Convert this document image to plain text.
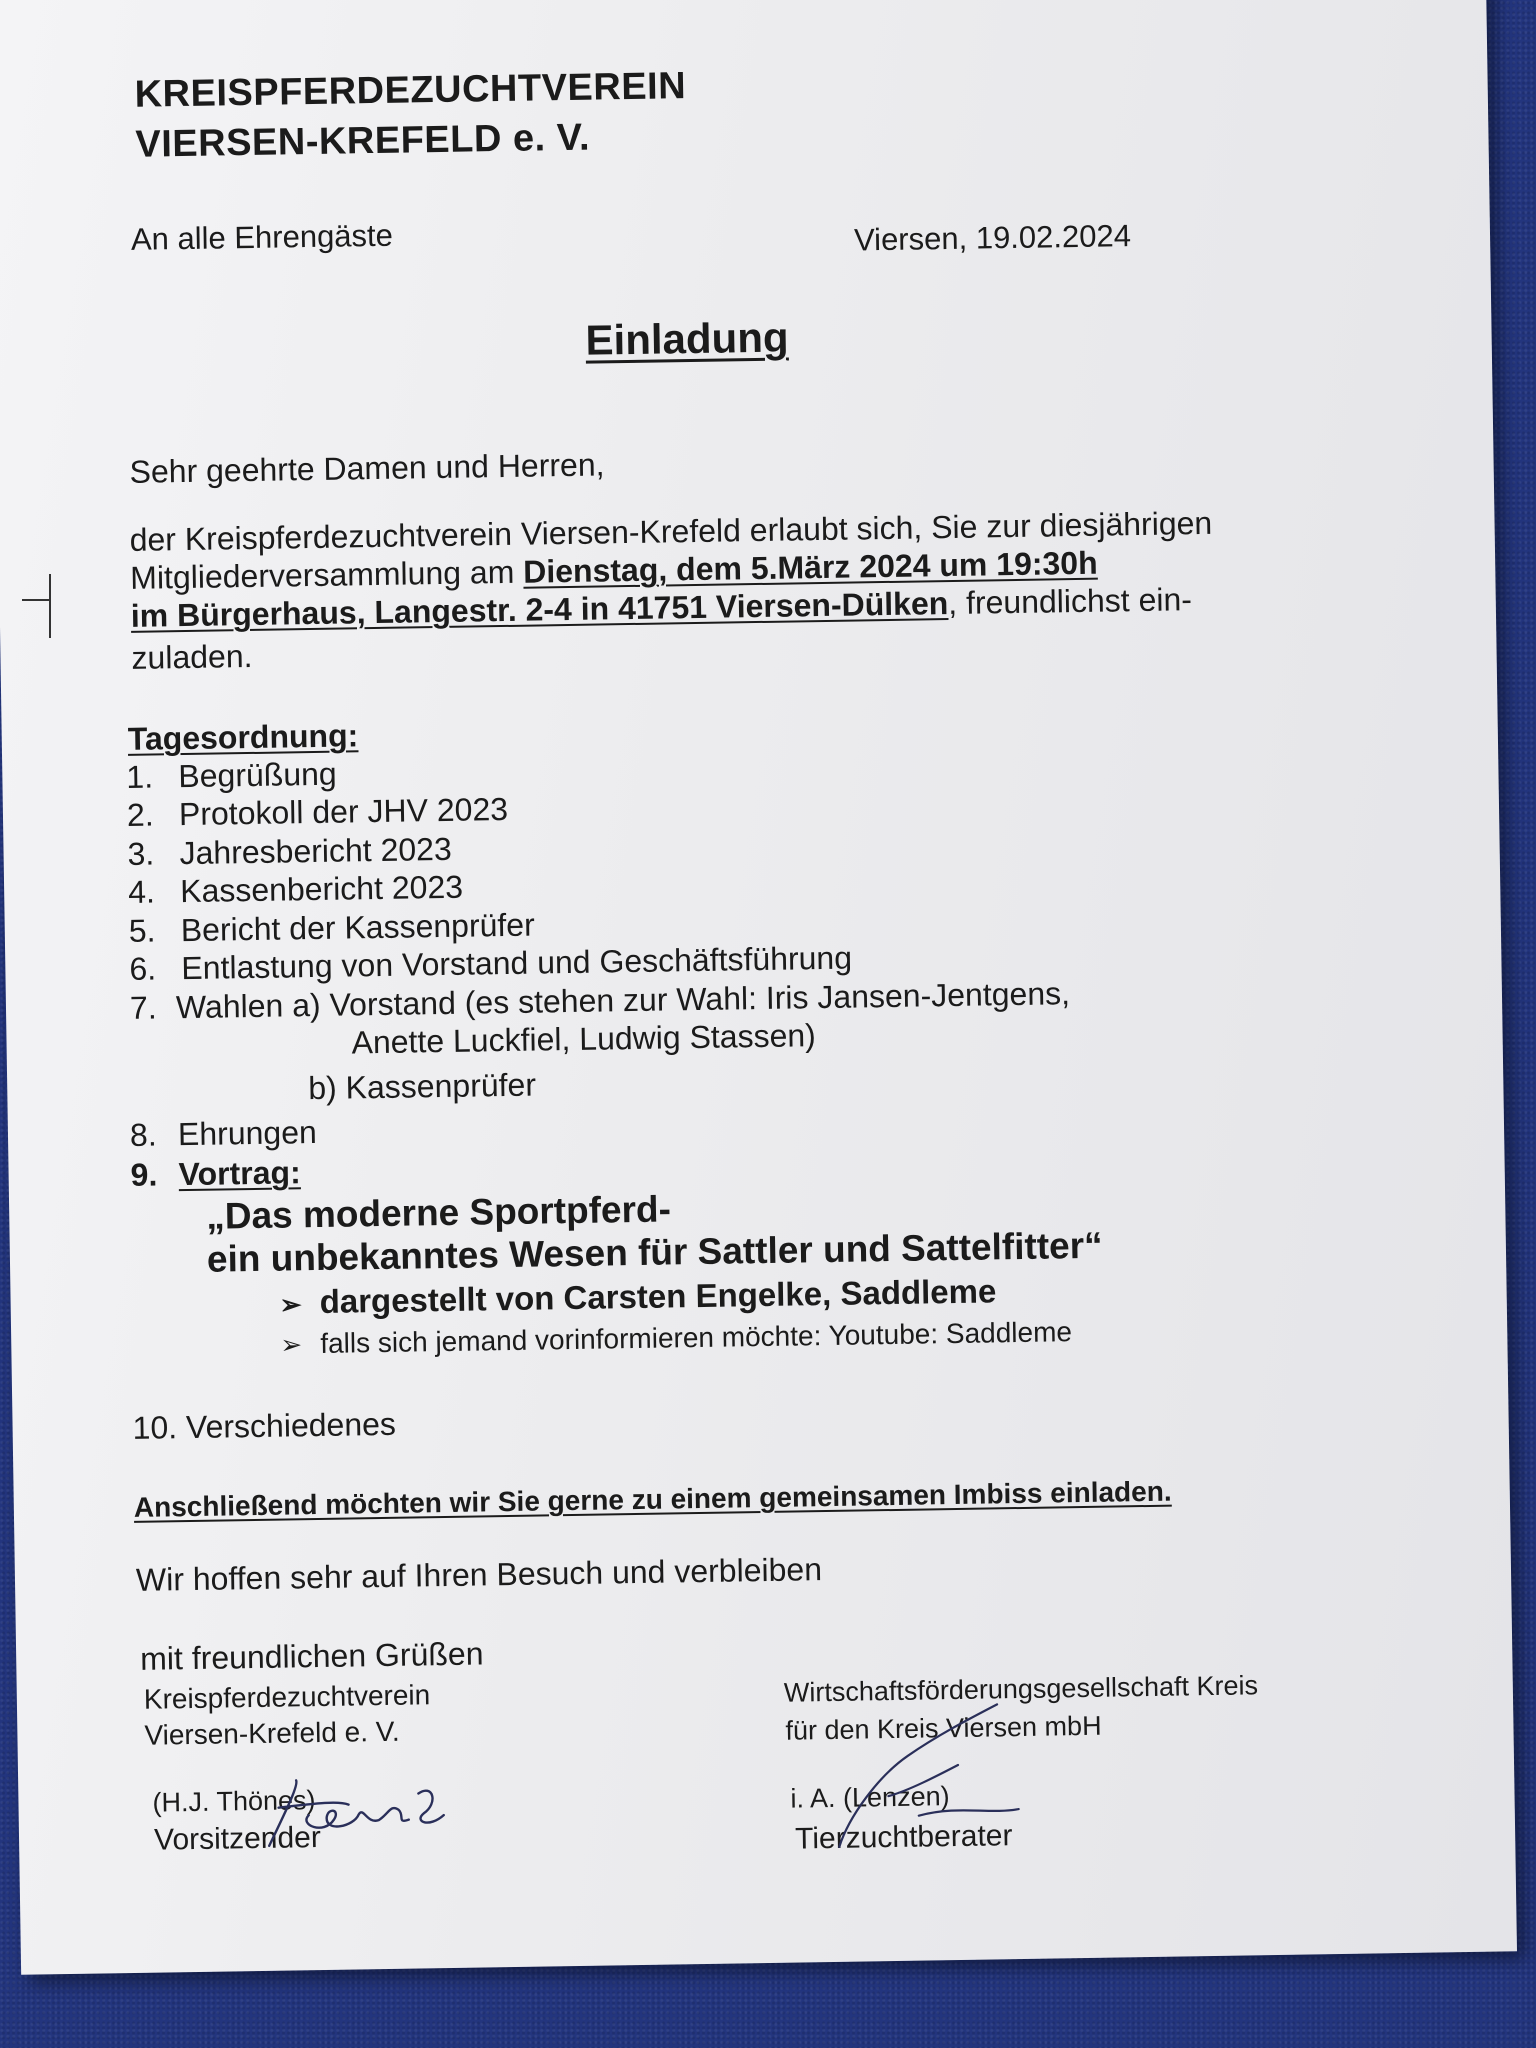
KREISPFERDEZUCHTVEREIN
VIERSEN-KREFELD e. V.
An alle Ehrengäste	Viersen, 19.02.2024
Einladung
Sehr geehrte Damen und Herren,
der Kreispferdezuchtverein Viersen-Krefeld erlaubt sich, Sie zur diesjährigen
Mitgliederversammlung am Dienstag, dem 5.März 2024 um 19:30h
im Bürgerhaus, Langestr. 2-4 in 41751 Viersen-Dülken, freundlichst ein-
zuladen.
Tagesordnung:
1. Begrüßung
2. Protokoll der JHV 2023
3. Jahresbericht 2023
4. Kassenbericht 2023
5. Bericht der Kassenprüfer
6. Entlastung von Vorstand und Geschäftsführung
7. Wahlen a) Vorstand (es stehen zur Wahl: Iris Jansen-Jentgens,
Anette Luckfiel, Ludwig Stassen)
b) Kassenprüfer
8. Ehrungen
9. Vortrag:
„Das moderne Sportpferd-
ein unbekanntes Wesen für Sattler und Sattelfitter“
➢ dargestellt von Carsten Engelke, Saddleme
➢ falls sich jemand vorinformieren möchte: Youtube: Saddleme
10. Verschiedenes
Anschließend möchten wir Sie gerne zu einem gemeinsamen Imbiss einladen.
Wir hoffen sehr auf Ihren Besuch und verbleiben
mit freundlichen Grüßen
Kreispferdezuchtverein
Viersen-Krefeld e. V.
(H.J. Thönes)
Vorsitzender
Wirtschaftsförderungsgesellschaft Kreis
für den Kreis Viersen mbH
i. A. (Lenzen)
Tierzuchtberater
